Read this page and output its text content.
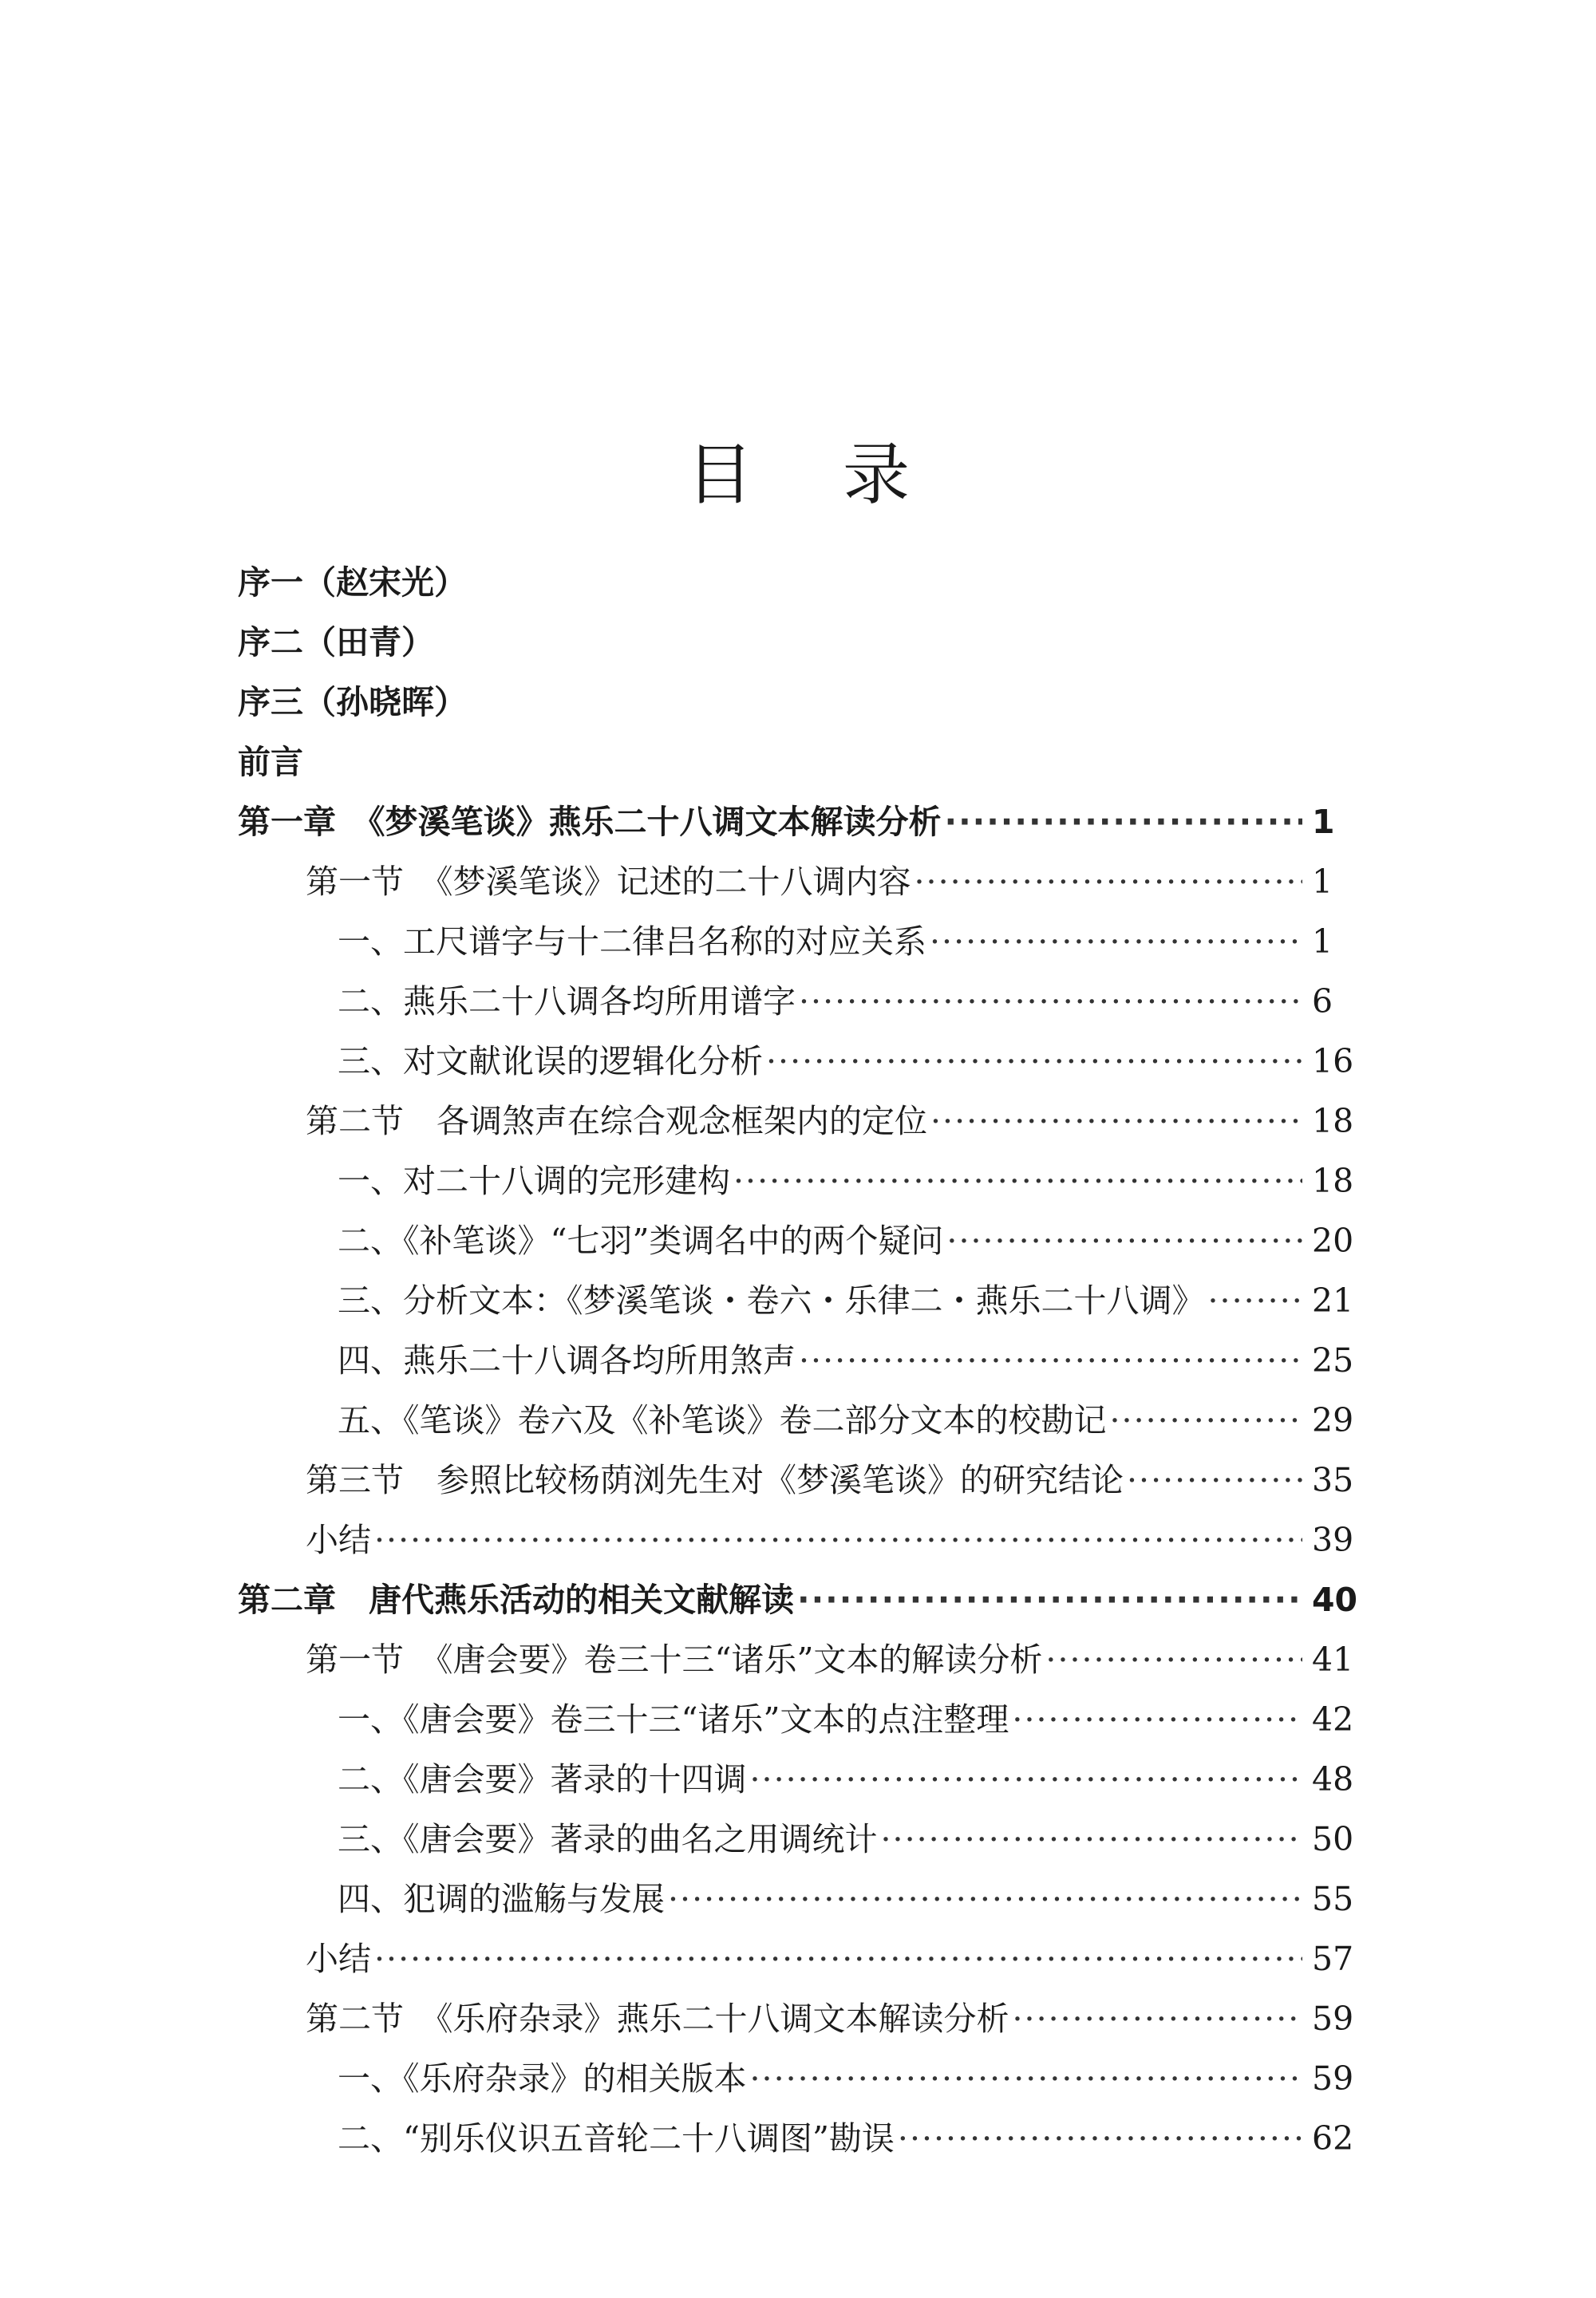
目 录
序一（赵宋光）
序二（田青）
序三（孙晓晖）
前言
第一章　《梦溪笔谈》燕乐二十八调文本解读分析 ·····	1
第一节　《梦溪笔谈》记述的二十八调内容 ·····	1
一、工尺谱字与十二律吕名称的对应关系 ·····	1
二、燕乐二十八调各均所用谱字 ·····	6
三、对文献讹误的逻辑化分析 ·····	16
第二节　各调煞声在综合观念框架内的定位 ·····	18
一、对二十八调的完形建构 ·····	18
二、《补笔谈》“七羽”类调名中的两个疑问 ·····	20
三、分析文本：《梦溪笔谈・卷六・乐律二・燕乐二十八调》 ·····	21
四、燕乐二十八调各均所用煞声 ·····	25
五、《笔谈》卷六及《补笔谈》卷二部分文本的校勘记 ·····	29
第三节　参照比较杨荫浏先生对《梦溪笔谈》的研究结论 ·····	35
小结 ·····	39
第二章　唐代燕乐活动的相关文献解读 ·····	40
第一节　《唐会要》卷三十三“诸乐”文本的解读分析 ·····	41
一、《唐会要》卷三十三“诸乐”文本的点注整理 ·····	42
二、《唐会要》著录的十四调 ·····	48
三、《唐会要》著录的曲名之用调统计 ·····	50
四、犯调的滥觞与发展 ·····	55
小结 ·····	57
第二节　《乐府杂录》燕乐二十八调文本解读分析 ·····	59
一、《乐府杂录》的相关版本 ·····	59
二、“别乐仪识五音轮二十八调图”勘误 ·····	62
